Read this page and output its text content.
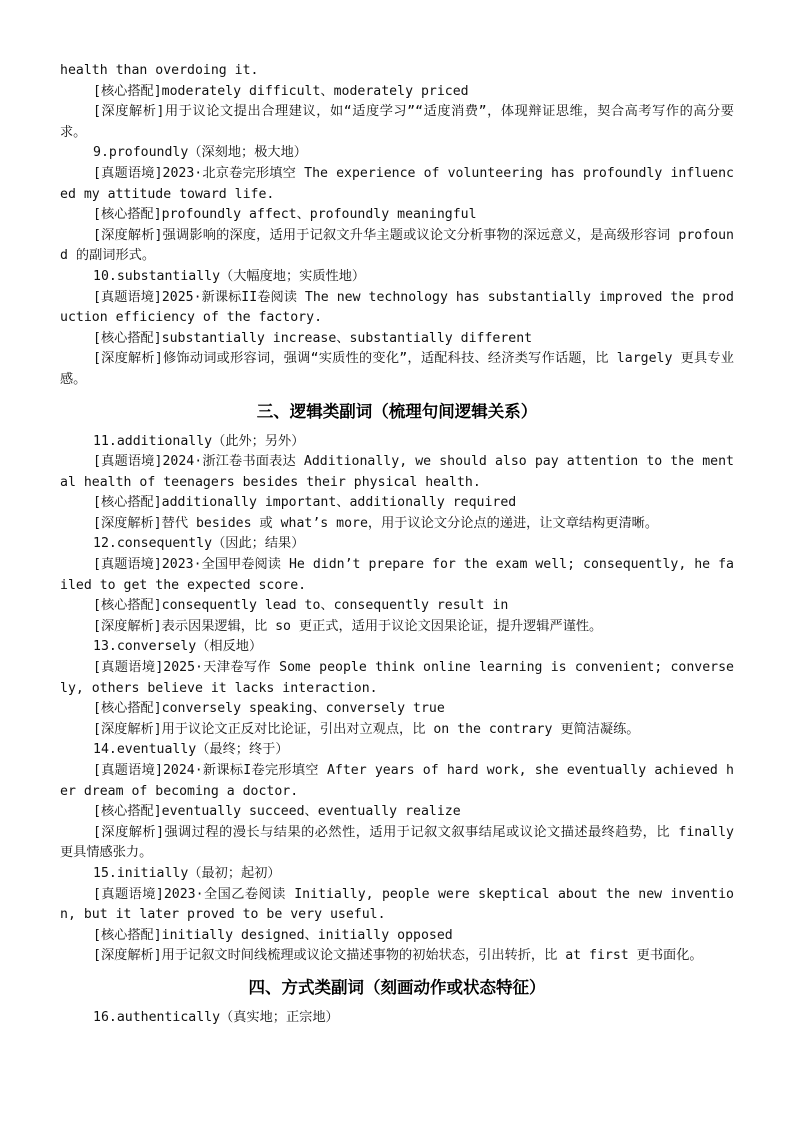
health than overdoing it.

[核心搭配]moderately difficult、moderately priced

[深度解析]用于议论文提出合理建议，如“适度学习”“适度消费”，体现辩证思维，契合高考写作的高分要求。

9.profoundly（深刻地；极大地）

[真题语境]2023·北京卷完形填空 The experience of volunteering has profoundly influenced my attitude toward life.

[核心搭配]profoundly affect、profoundly meaningful

[深度解析]强调影响的深度，适用于记叙文升华主题或议论文分析事物的深远意义，是高级形容词 profound 的副词形式。

10.substantially（大幅度地；实质性地）

[真题语境]2025·新课标II卷阅读 The new technology has substantially improved the production efficiency of the factory.

[核心搭配]substantially increase、substantially different

[深度解析]修饰动词或形容词，强调“实质性的变化”，适配科技、经济类写作话题，比 largely 更具专业感。

三、逻辑类副词（梳理句间逻辑关系）

11.additionally（此外；另外）

[真题语境]2024·浙江卷书面表达 Additionally, we should also pay attention to the mental health of teenagers besides their physical health.

[核心搭配]additionally important、additionally required

[深度解析]替代 besides 或 what’s more，用于议论文分论点的递进，让文章结构更清晰。

12.consequently（因此；结果）

[真题语境]2023·全国甲卷阅读 He didn’t prepare for the exam well; consequently, he failed to get the expected score.

[核心搭配]consequently lead to、consequently result in

[深度解析]表示因果逻辑，比 so 更正式，适用于议论文因果论证，提升逻辑严谨性。

13.conversely（相反地）

[真题语境]2025·天津卷写作 Some people think online learning is convenient; conversely, others believe it lacks interaction.

[核心搭配]conversely speaking、conversely true

[深度解析]用于议论文正反对比论证，引出对立观点，比 on the contrary 更简洁凝练。

14.eventually（最终；终于）

[真题语境]2024·新课标I卷完形填空 After years of hard work, she eventually achieved her dream of becoming a doctor.

[核心搭配]eventually succeed、eventually realize

[深度解析]强调过程的漫长与结果的必然性，适用于记叙文叙事结尾或议论文描述最终趋势，比 finally 更具情感张力。

15.initially（最初；起初）

[真题语境]2023·全国乙卷阅读 Initially, people were skeptical about the new invention, but it later proved to be very useful.

[核心搭配]initially designed、initially opposed

[深度解析]用于记叙文时间线梳理或议论文描述事物的初始状态，引出转折，比 at first 更书面化。

四、方式类副词（刻画动作或状态特征）

16.authentically（真实地；正宗地）
